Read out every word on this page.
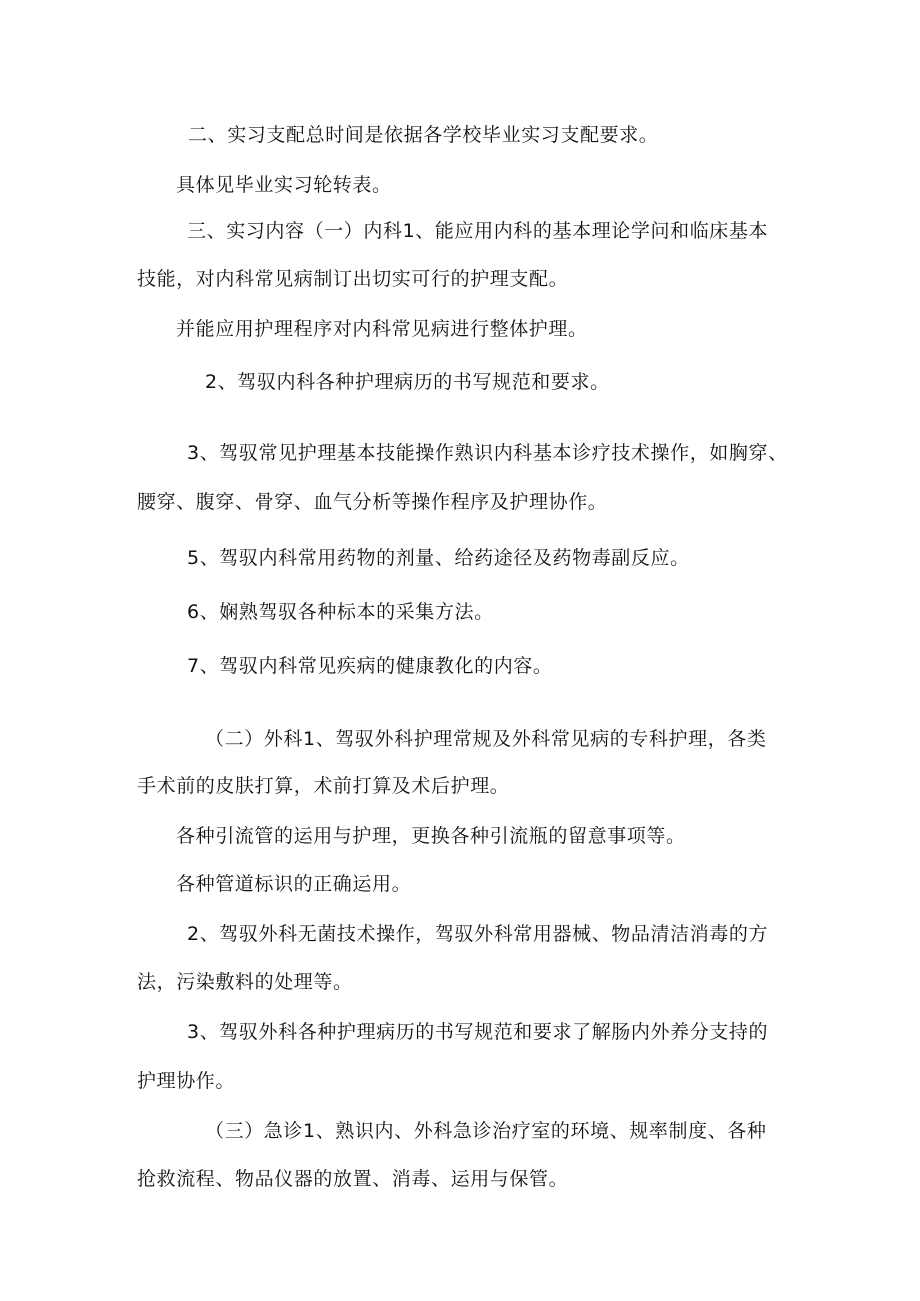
二、实习支配总时间是依据各学校毕业实习支配要求。
具体见毕业实习轮转表。
三、实习内容（一）内科1、能应用内科的基本理论学问和临床基本
技能，对内科常见病制订出切实可行的护理支配。
并能应用护理程序对内科常见病进行整体护理。
2、驾驭内科各种护理病历的书写规范和要求。
3、驾驭常见护理基本技能操作熟识内科基本诊疗技术操作，如胸穿、
腰穿、腹穿、骨穿、血气分析等操作程序及护理协作。
5、驾驭内科常用药物的剂量、给药途径及药物毒副反应。
6、娴熟驾驭各种标本的采集方法。
7、驾驭内科常见疾病的健康教化的内容。
（二）外科1、驾驭外科护理常规及外科常见病的专科护理，各类
手术前的皮肤打算，术前打算及术后护理。
各种引流管的运用与护理，更换各种引流瓶的留意事项等。
各种管道标识的正确运用。
2、驾驭外科无菌技术操作，驾驭外科常用器械、物品清洁消毒的方
法，污染敷料的处理等。
3、驾驭外科各种护理病历的书写规范和要求了解肠内外养分支持的
护理协作。
（三）急诊1、熟识内、外科急诊治疗室的环境、规率制度、各种
抢救流程、物品仪器的放置、消毒、运用与保管。
